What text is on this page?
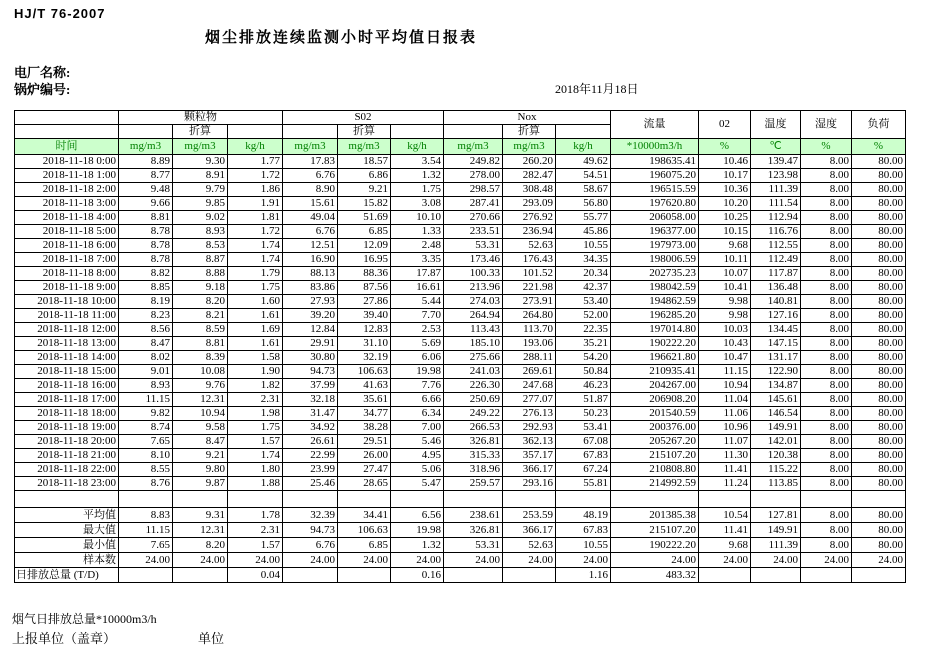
HJ/T 76-2007
烟尘排放连续监测小时平均值日报表
电厂名称:
锅炉编号:	2018年11月18日
	颗粒物			S02			Nox			流量	02	温度	湿度	负荷
		折算			折算			折算						
时间	mg/m3	mg/m3	kg/h	mg/m3	mg/m3	kg/h	mg/m3	mg/m3	kg/h	*10000m3/h	%	℃	%	%
2018-11-18 0:00	8.89	9.30	1.77	17.83	18.57	3.54	249.82	260.20	49.62	198635.41	10.46	139.47	8.00	80.00
2018-11-18 1:00	8.77	8.91	1.72	6.76	6.86	1.32	278.00	282.47	54.51	196075.20	10.17	123.98	8.00	80.00
2018-11-18 2:00	9.48	9.79	1.86	8.90	9.21	1.75	298.57	308.48	58.67	196515.59	10.36	111.39	8.00	80.00
2018-11-18 3:00	9.66	9.85	1.91	15.61	15.82	3.08	287.41	293.09	56.80	197620.80	10.20	111.54	8.00	80.00
2018-11-18 4:00	8.81	9.02	1.81	49.04	51.69	10.10	270.66	276.92	55.77	206058.00	10.25	112.94	8.00	80.00
2018-11-18 5:00	8.78	8.93	1.72	6.76	6.85	1.33	233.51	236.94	45.86	196377.00	10.15	116.76	8.00	80.00
2018-11-18 6:00	8.78	8.53	1.74	12.51	12.09	2.48	53.31	52.63	10.55	197973.00	9.68	112.55	8.00	80.00
2018-11-18 7:00	8.78	8.87	1.74	16.90	16.95	3.35	173.46	176.43	34.35	198006.59	10.11	112.49	8.00	80.00
2018-11-18 8:00	8.82	8.88	1.79	88.13	88.36	17.87	100.33	101.52	20.34	202735.23	10.07	117.87	8.00	80.00
2018-11-18 9:00	8.85	9.18	1.75	83.86	87.56	16.61	213.96	221.98	42.37	198042.59	10.41	136.48	8.00	80.00
2018-11-18 10:00	8.19	8.20	1.60	27.93	27.86	5.44	274.03	273.91	53.40	194862.59	9.98	140.81	8.00	80.00
2018-11-18 11:00	8.23	8.21	1.61	39.20	39.40	7.70	264.94	264.80	52.00	196285.20	9.98	127.16	8.00	80.00
2018-11-18 12:00	8.56	8.59	1.69	12.84	12.83	2.53	113.43	113.70	22.35	197014.80	10.03	134.45	8.00	80.00
2018-11-18 13:00	8.47	8.81	1.61	29.91	31.10	5.69	185.10	193.06	35.21	190222.20	10.43	147.15	8.00	80.00
2018-11-18 14:00	8.02	8.39	1.58	30.80	32.19	6.06	275.66	288.11	54.20	196621.80	10.47	131.17	8.00	80.00
2018-11-18 15:00	9.01	10.08	1.90	94.73	106.63	19.98	241.03	269.61	50.84	210935.41	11.15	122.90	8.00	80.00
2018-11-18 16:00	8.93	9.76	1.82	37.99	41.63	7.76	226.30	247.68	46.23	204267.00	10.94	134.87	8.00	80.00
2018-11-18 17:00	11.15	12.31	2.31	32.18	35.61	6.66	250.69	277.07	51.87	206908.20	11.04	145.61	8.00	80.00
2018-11-18 18:00	9.82	10.94	1.98	31.47	34.77	6.34	249.22	276.13	50.23	201540.59	11.06	146.54	8.00	80.00
2018-11-18 19:00	8.74	9.58	1.75	34.92	38.28	7.00	266.53	292.93	53.41	200376.00	10.96	149.91	8.00	80.00
2018-11-18 20:00	7.65	8.47	1.57	26.61	29.51	5.46	326.81	362.13	67.08	205267.20	11.07	142.01	8.00	80.00
2018-11-18 21:00	8.10	9.21	1.74	22.99	26.00	4.95	315.33	357.17	67.83	215107.20	11.30	120.38	8.00	80.00
2018-11-18 22:00	8.55	9.80	1.80	23.99	27.47	5.06	318.96	366.17	67.24	210808.80	11.41	115.22	8.00	80.00
2018-11-18 23:00	8.76	9.87	1.88	25.46	28.65	5.47	259.57	293.16	55.81	214992.59	11.24	113.85	8.00	80.00

平均值	8.83	9.31	1.78	32.39	34.41	6.56	238.61	253.59	48.19	201385.38	10.54	127.81	8.00	80.00
最大值	11.15	12.31	2.31	94.73	106.63	19.98	326.81	366.17	67.83	215107.20	11.41	149.91	8.00	80.00
最小值	7.65	8.20	1.57	6.76	6.85	1.32	53.31	52.63	10.55	190222.20	9.68	111.39	8.00	80.00
样本数	24.00	24.00	24.00	24.00	24.00	24.00	24.00	24.00	24.00	24.00	24.00	24.00	24.00	24.00
日排放总量 (T/D)			0.04			0.16			1.16	483.32				
烟气日排放总量*10000m3/h
上报单位（盖章）	单位
